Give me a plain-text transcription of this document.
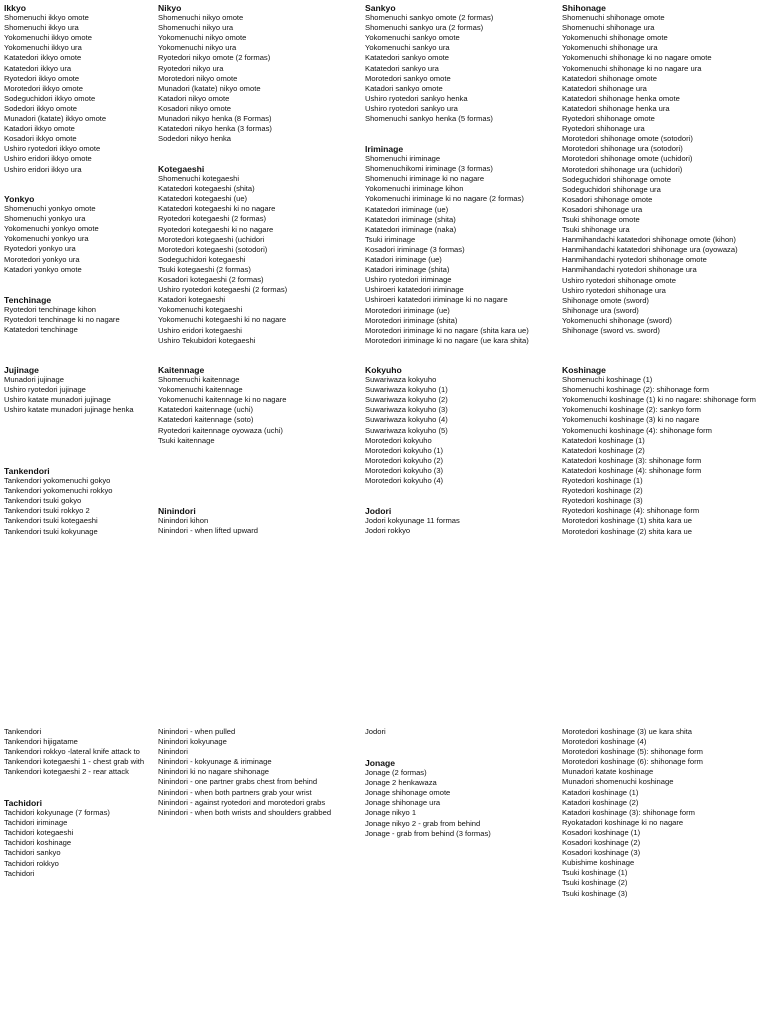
Ikkyo
Shomenuchi ikkyo omote
Shomenuchi ikkyo ura
Yokomenuchi ikkyo omote
Yokomenuchi ikkyo ura
Katatedori ikkyo omote
Katatedori ikkyo ura
Ryotedori ikkyo omote
Morotedori ikkyo omote
Sodeguchidori ikkyo omote
Sodedori ikkyo omote
Munadori (katate) ikkyo omote
Katadori ikkyo omote
Kosadori ikkyo omote
Ushiro ryotedori ikkyo omote
Ushiro eridori ikkyo omote
Ushiro eridori ikkyo ura
Yonkyo
Shomenuchi yonkyo omote
Shomenuchi yonkyo ura
Yokomenuchi yonkyo omote
Yokomenuchi yonkyo ura
Ryotedori yonkyo ura
Morotedori yonkyo ura
Katadori yonkyo omote
Tenchinage
Ryotedori tenchinage kihon
Ryotedori tenchinage ki no nagare
Katatedori tenchinage
Jujinage
Munadori jujinage
Ushiro ryotedori jujinage
Ushiro katate munadori jujinage
Ushiro katate munadori jujinage henka
Tankendori
Tankendori yokomenuchi gokyo
Tankendori yokomenuchi rokkyo
Tankendori tsuki gokyo
Tankendori tsuki rokkyo 2
Tankendori tsuki kotegaeshi
Tankendori tsuki kokyunage
Tankendori
Tankendori hijigatame
Tankendori rokkyo -lateral knife attack to
Tankendori kotegaeshi 1 - chest grab with
Tankendori kotegaeshi 2 - rear attack
Tachidori
Tachidori kokyunage (7 formas)
Tachidori iriminage
Tachidori kotegaeshi
Tachidori koshinage
Tachidori sankyo
Tachidori rokkyo
Tachidori
Nikyo
Shomenuchi nikyo omote
Shomenuchi nikyo ura
Yokomenuchi nikyo omote
Yokomenuchi nikyo ura
Ryotedori nikyo omote (2 formas)
Ryotedori nikyo ura
Morotedori nikyo omote
Munadori (katate) nikyo omote
Katadori nikyo omote
Kosadori nikyo omote
Munadori nikyo henka (8 Formas)
Katatedori nikyo henka (3 formas)
Sodedori nikyo henka
Kotegaeshi
Shomenuchi kotegaeshi
Katatedori kotegaeshi (shita)
Katatedori kotegaeshi (ue)
Katatedori kotegaeshi ki no nagare
Ryotedori kotegaeshi (2 formas)
Ryotedori kotegaeshi ki no nagare
Morotedori kotegaeshi (uchidori
Morotedori kotegaeshi (sotodori)
Sodeguchidori kotegaeshi
Tsuki kotegaeshi (2 formas)
Kosadori kotegaeshi (2 formas)
Ushiro ryotedori kotegaeshi (2 formas)
Katadori kotegaeshi
Yokomenuchi kotegaeshi
Yokomenuchi kotegaeshi ki no nagare
Ushiro eridori kotegaeshi
Ushiro Tekubidori kotegaeshi
Kaitennage
Shomenuchi kaitennage
Yokomenuchi kaitennage
Yokomenuchi kaitennage ki no nagare
Katatedori kaitennage (uchi)
Katatedori kaitennage (soto)
Ryotedori kaitennage oyowaza (uchi)
Tsuki kaitennage
Ninindori
Ninindori kihon
Ninindori - when lifted upward
Ninindori - when pulled
Ninindori kokyunage
Ninindori
Ninindori - kokyunage & iriminage
Ninindori ki no nagare shihonage
Ninindori - one partner grabs chest from behind
Ninindori - when both partners grab your wrist
Ninindori - against ryotedori and morotedori grabs
Ninindori - when both wrists and shoulders grabbed
Sankyo
Shomenuchi sankyo omote (2 formas)
Shomenuchi sankyo ura (2 formas)
Yokomenuchi sankyo omote
Yokomenuchi sankyo ura
Katatedori sankyo omote
Katatedori sankyo ura
Morotedori sankyo omote
Katadori sankyo omote
Ushiro ryotedori sankyo henka
Ushiro ryotedori sankyo ura
Shomenuchi sankyo henka (5 formas)
Iriminage
Shomenuchi iriminage
Shomenuchikomi iriminage (3 formas)
Shomenuchi iriminage ki no nagare
Yokomenuchi iriminage kihon
Yokomenuchi iriminage ki no nagare (2 formas)
Katatedori iriminage (ue)
Katatedori iriminage (shita)
Katatedori iriminage (naka)
Tsuki iriminage
Kosadori iriminage (3 formas)
Katadori iriminage (ue)
Katadori iriminage (shita)
Ushiro ryotedori iriminage
Ushiroeri katatedori iriminage
Ushiroeri katatedori iriminage ki no nagare
Morotedori iriminage (ue)
Morotedori iriminage (shita)
Morotedori iriminage ki no nagare (shita kara ue)
Morotedori iriminage ki no nagare (ue kara shita)
Kokyuho
Suwariwaza kokyuho
Suwariwaza kokyuho (1)
Suwariwaza kokyuho (2)
Suwariwaza kokyuho (3)
Suwariwaza kokyuho (4)
Suwariwaza kokyuho (5)
Morotedori kokyuho
Morotedori kokyuho (1)
Morotedori kokyuho (2)
Morotedori kokyuho (3)
Morotedori kokyuho (4)
Jodori
Jodori kokyunage 11 formas
Jodori rokkyo
Jodori
Jonage
Jonage (2 formas)
Jonage 2 henkawaza
Jonage shihonage omote
Jonage shihonage ura
Jonage nikyo 1
Jonage nikyo 2 - grab from behind
Jonage - grab from behind (3 formas)
Shihonage
Shomenuchi shihonage omote
Shomenuchi shihonage ura
Yokomenuchi shihonage omote
Yokomenuchi shihonage ura
Yokomenuchi shihonage ki no nagare omote
Yokomenuchi shihonage ki no nagare ura
Katatedori shihonage omote
Katatedori shihonage ura
Katatedori shihonage henka omote
Katatedori shihonage henka ura
Ryotedori shihonage omote
Ryotedori shihonage ura
Morotedori shihonage omote (sotodori)
Morotedori shihonage ura (sotodori)
Morotedori shihonage omote (uchidori)
Morotedori shihonage ura (uchidori)
Sodeguchidori shihonage omote
Sodeguchidori shihonage ura
Kosadori shihonage omote
Kosadori shihonage ura
Tsuki shihonage omote
Tsuki shihonage ura
Hanmihandachi katatedori shihonage omote (kihon)
Hanmihandachi katatedori shihonage ura (oyowaza)
Hanmihandachi ryotedori shihonage omote
Hanmihandachi ryotedori shihonage ura
Ushiro ryotedori shihonage omote
Ushiro ryotedori shihonage ura
Shihonage omote (sword)
Shihonage ura (sword)
Yokomenuchi shihonage (sword)
Shihonage (sword vs. sword)
Koshinage
Shomenuchi koshinage (1)
Shomenuchi koshinage (2): shihonage form
Yokomenuchi koshinage (1) ki no nagare: shihonage form
Yokomenuchi koshinage (2): sankyo form
Yokomenuchi koshinage (3) ki no nagare
Yokomenuchi koshinage (4): shihonage form
Katatedori koshinage (1)
Katatedori koshinage (2)
Katatedori koshinage (3): shihonage form
Katatedori koshinage (4): shihonage form
Ryotedori koshinage (1)
Ryotedori koshinage (2)
Ryotedori koshinage (3)
Ryotedori koshinage (4): shihonage form
Morotedori koshinage (1) shita kara ue
Morotedori koshinage (2) shita kara ue
Morotedori koshinage (3) ue kara shita
Morotedori koshinage (4)
Morotedori koshinage (5): shihonage form
Morotedori koshinage (6): shihonage form
Munadori katate koshinage
Munadori shomenuchi koshinage
Katadori koshinage (1)
Katadori koshinage (2)
Katadori koshinage (3): shihonage form
Ryokatadori koshinage ki no nagare
Kosadori koshinage (1)
Kosadori koshinage (2)
Kosadori koshinage (3)
Kubishime koshinage
Tsuki koshinage (1)
Tsuki koshinage (2)
Tsuki koshinage (3)
